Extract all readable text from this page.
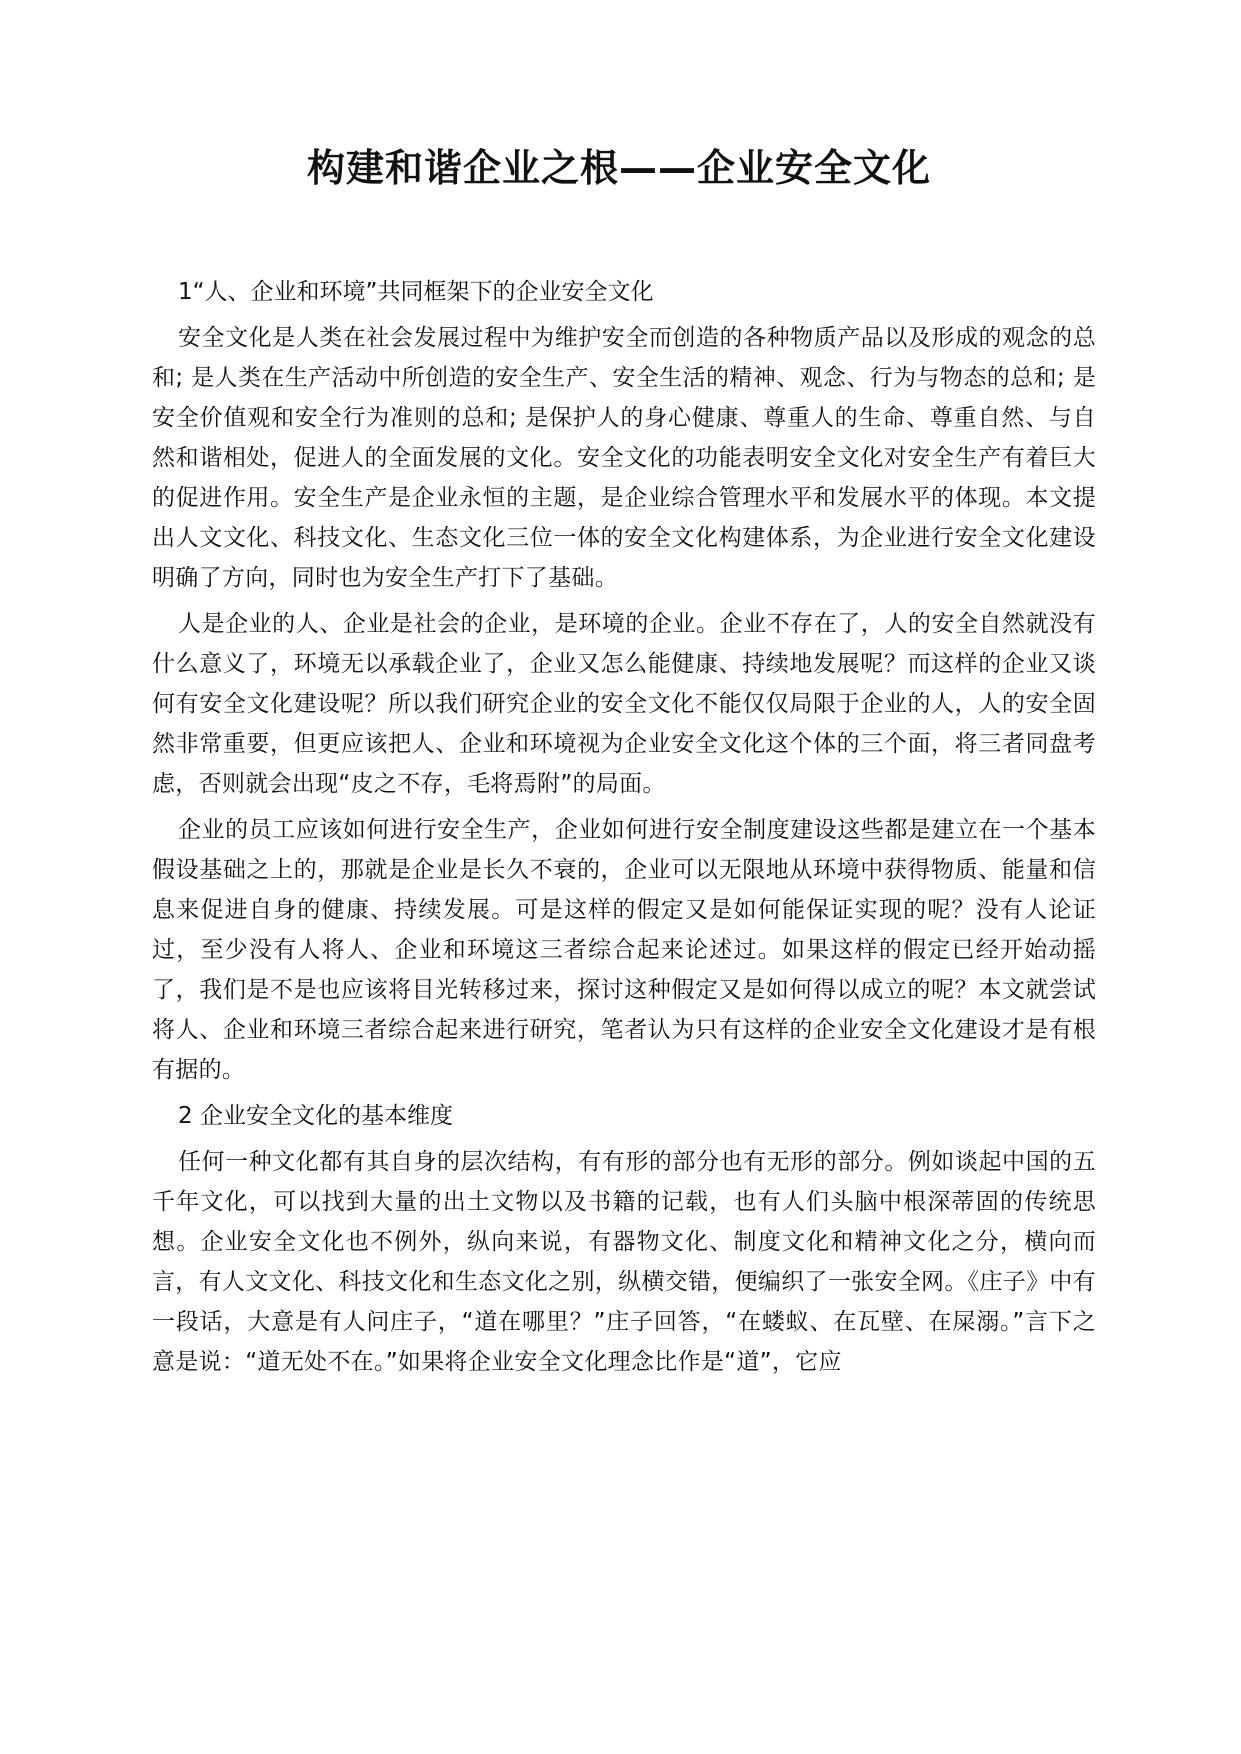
构建和谐企业之根——企业安全文化

1“人、企业和环境”共同框架下的企业安全文化

安全文化是人类在社会发展过程中为维护安全而创造的各种物质产品以及形成的观念的总和; 是人类在生产活动中所创造的安全生产、安全生活的精神、观念、行为与物态的总和; 是安全价值观和安全行为准则的总和; 是保护人的身心健康、尊重人的生命、尊重自然、与自然和谐相处，促进人的全面发展的文化。安全文化的功能表明安全文化对安全生产有着巨大的促进作用。安全生产是企业永恒的主题，是企业综合管理水平和发展水平的体现。本文提出人文文化、科技文化、生态文化三位一体的安全文化构建体系，为企业进行安全文化建设明确了方向，同时也为安全生产打下了基础。

人是企业的人、企业是社会的企业，是环境的企业。企业不存在了，人的安全自然就没有什么意义了，环境无以承载企业了，企业又怎么能健康、持续地发展呢？而这样的企业又谈何有安全文化建设呢？所以我们研究企业的安全文化不能仅仅局限于企业的人，人的安全固然非常重要，但更应该把人、企业和环境视为企业安全文化这个体的三个面，将三者同盘考虑，否则就会出现“皮之不存，毛将焉附”的局面。

企业的员工应该如何进行安全生产，企业如何进行安全制度建设这些都是建立在一个基本假设基础之上的，那就是企业是长久不衰的，企业可以无限地从环境中获得物质、能量和信息来促进自身的健康、持续发展。可是这样的假定又是如何能保证实现的呢？没有人论证过，至少没有人将人、企业和环境这三者综合起来论述过。如果这样的假定已经开始动摇了，我们是不是也应该将目光转移过来，探讨这种假定又是如何得以成立的呢？本文就尝试将人、企业和环境三者综合起来进行研究，笔者认为只有这样的企业安全文化建设才是有根有据的。

2 企业安全文化的基本维度

任何一种文化都有其自身的层次结构，有有形的部分也有无形的部分。例如谈起中国的五千年文化，可以找到大量的出土文物以及书籍的记载，也有人们头脑中根深蒂固的传统思想。企业安全文化也不例外，纵向来说，有器物文化、制度文化和精神文化之分，横向而言，有人文文化、科技文化和生态文化之别，纵横交错，便编织了一张安全网。《庄子》中有一段话，大意是有人问庄子，“道在哪里？”庄子回答，“在蝼蚁、在瓦壁、在屎溺。”言下之意是说：“道无处不在。”如果将企业安全文化理念比作是“道”，它应
